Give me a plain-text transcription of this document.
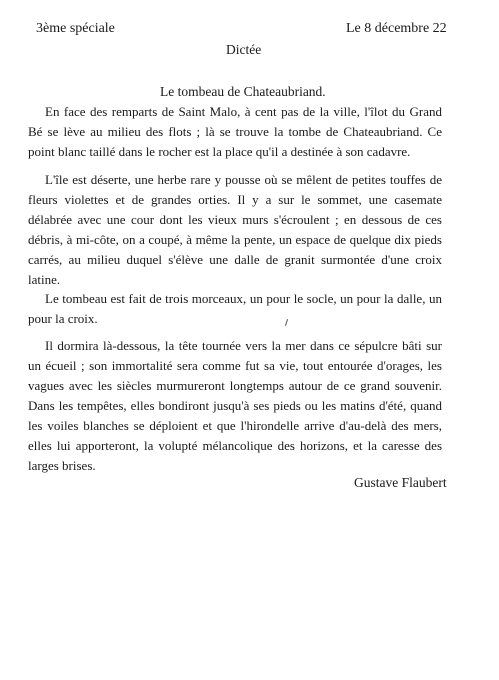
3ème spéciale	Le 8 décembre 22

Dictée

Le tombeau de Chateaubriand.

En face des remparts de Saint Malo, à cent pas de la ville, l'îlot du Grand
Bé se lève au milieu des flots ; là se trouve la tombe de Chateaubriand. Ce
point blanc taillé dans le rocher est la place qu'il a destinée à son cadavre.
L'île est déserte, une herbe rare y pousse où se mêlent de petites touffes de
fleurs violettes et de grandes orties. Il y a sur le sommet, une casemate
délabrée avec une cour dont les vieux murs s'écroulent ; en dessous de ces
débris, à mi-côte, on a coupé, à même la pente, un espace de quelque dix pieds
carrés, au milieu duquel s'élève une dalle de granit surmontée d'une croix
latine.
Le tombeau est fait de trois morceaux, un pour le socle, un pour la dalle, un
pour la croix.
Il dormira là-dessous, la tête tournée vers la mer dans ce sépulcre bâti sur
un écueil ; son immortalité sera comme fut sa vie, tout entourée d'orages, les
vagues avec les siècles murmureront longtemps autour de ce grand souvenir.
Dans les tempêtes, elles bondiront jusqu'à ses pieds ou les matins d'été, quand
les voiles blanches se déploient et que l'hirondelle arrive d'au-delà des mers,
elles lui apporteront, la volupté mélancolique des horizons, et la caresse des
larges brises.

Gustave Flaubert
